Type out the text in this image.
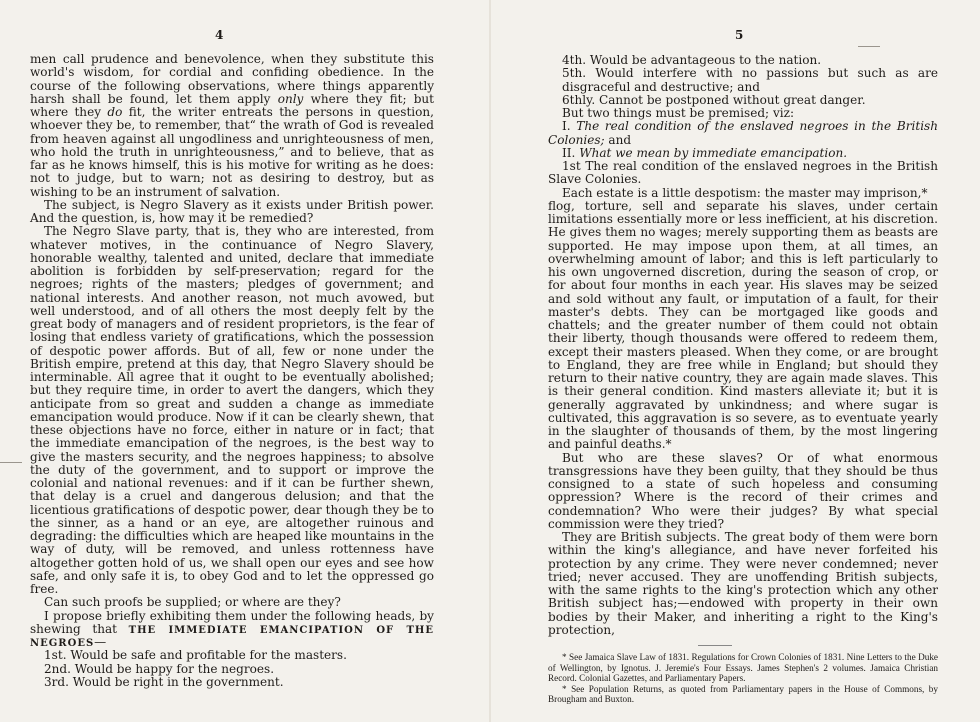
4

men call prudence and benevolence, when they substitute this world's wisdom, for cordial and confiding obedience. In the course of the following observations, where things apparently harsh shall be found, let them apply only where they fit; but where they do fit, the writer entreats the persons in question, whoever they be, to remember, that“ the wrath of God is revealed from heaven against all ungodliness and unrighteousness of men, who hold the truth in unrighteousness,” and to believe, that as far as he knows himself, this is his motive for writing as he does: not to judge, but to warn; not as desiring to destroy, but as wishing to be an instrument of salvation.

The subject, is Negro Slavery as it exists under British power. And the question, is, how may it be remedied?

The Negro Slave party, that is, they who are interested, from whatever motives, in the continuance of Negro Slavery, honorable wealthy, talented and united, declare that immediate abolition is forbidden by self-preservation; regard for the negroes; rights of the masters; pledges of government; and national interests. And another reason, not much avowed, but well understood, and of all others the most deeply felt by the great body of managers and of resident proprietors, is the fear of losing that endless variety of gratifications, which the possession of despotic power affords. But of all, few or none under the British empire, pretend at this day, that Negro Slavery should be interminable. All agree that it ought to be eventually abolished; but they require time, in order to avert the dangers, which they anticipate from so great and sudden a change as immediate emancipation would produce. Now if it can be clearly shewn, that these objections have no force, either in nature or in fact; that the immediate emancipation of the negroes, is the best way to give the masters security, and the negroes happiness; to absolve the duty of the government, and to support or improve the colonial and national revenues: and if it can be further shewn, that delay is a cruel and dangerous delusion; and that the licentious gratifications of despotic power, dear though they be to the sinner, as a hand or an eye, are altogether ruinous and degrading: the difficulties which are heaped like mountains in the way of duty, will be removed, and unless rottenness have altogether gotten hold of us, we shall open our eyes and see how safe, and only safe it is, to obey God and to let the oppressed go free.

Can such proofs be supplied; or where are they?

I propose briefly exhibiting them under the following heads, by shewing that THE IMMEDIATE EMANCIPATION OF THE NEGROES—

1st. Would be safe and profitable for the masters.

2nd. Would be happy for the negroes.

3rd. Would be right in the government.

5

4th. Would be advantageous to the nation.

5th. Would interfere with no passions but such as are disgraceful and destructive; and

6thly. Cannot be postponed without great danger.

But two things must be premised; viz:

I. The real condition of the enslaved negroes in the British Colonies; and

II. What we mean by immediate emancipation.

1st The real condition of the enslaved negroes in the British Slave Colonies.

Each estate is a little despotism: the master may imprison,*

flog, torture, sell and separate his slaves, under certain limitations essentially more or less inefficient, at his discretion. He gives them no wages; merely supporting them as beasts are supported. He may impose upon them, at all times, an overwhelming amount of labor; and this is left particularly to his own ungoverned discretion, during the season of crop, or for about four months in each year. His slaves may be seized and sold without any fault, or imputation of a fault, for their master's debts. They can be mortgaged like goods and chattels; and the greater number of them could not obtain their liberty, though thousands were offered to redeem them, except their masters pleased. When they come, or are brought to England, they are free while in England; but should they return to their native country, they are again made slaves. This is their general condition. Kind masters alleviate it; but it is generally aggravated by unkindness; and where sugar is cultivated, this aggravation is so severe, as to eventuate yearly in the slaughter of thousands of them, by the most lingering and painful deaths.*

But who are these slaves? Or of what enormous transgressions have they been guilty, that they should be thus consigned to a state of such hopeless and consuming oppression? Where is the record of their crimes and condemnation? Who were their judges? By what special commission were they tried?

They are British subjects. The great body of them were born within the king's allegiance, and have never forfeited his protection by any crime. They were never condemned; never tried; never accused. They are unoffending British subjects, with the same rights to the king's protection which any other British subject has;—endowed with property in their own bodies by their Maker, and inheriting a right to the King's protection,

* See Jamaica Slave Law of 1831. Regulations for Crown Colonies of 1831. Nine Letters to the Duke of Wellington, by Ignotus. J. Jeremie's Four Essays. James Stephen's 2 volumes. Jamaica Christian Record. Colonial Gazettes, and Parliamentary Papers.

* See Population Returns, as quoted from Parliamentary papers in the House of Commons, by Brougham and Buxton.
